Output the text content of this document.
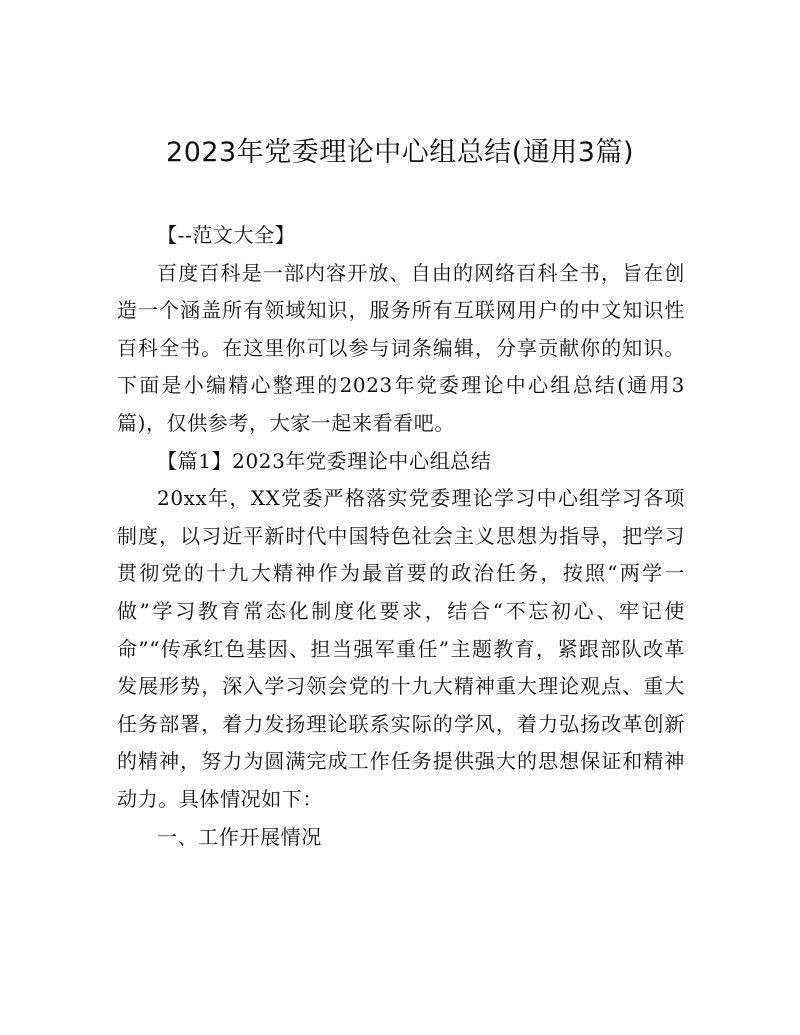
2023年党委理论中心组总结(通用3篇)

【--范文大全】

百度百科是一部内容开放、自由的网络百科全书，旨在创造一个涵盖所有领域知识，服务所有互联网用户的中文知识性百科全书。在这里你可以参与词条编辑，分享贡献你的知识。下面是小编精心整理的2023年党委理论中心组总结(通用3篇)，仅供参考，大家一起来看看吧。

【篇1】2023年党委理论中心组总结

20xx年，XX党委严格落实党委理论学习中心组学习各项制度，以习近平新时代中国特色社会主义思想为指导，把学习贯彻党的十九大精神作为最首要的政治任务，按照“两学一做”学习教育常态化制度化要求，结合“不忘初心、牢记使命”“传承红色基因、担当强军重任”主题教育，紧跟部队改革发展形势，深入学习领会党的十九大精神重大理论观点、重大任务部署，着力发扬理论联系实际的学风，着力弘扬改革创新的精神，努力为圆满完成工作任务提供强大的思想保证和精神动力。具体情况如下：

一、工作开展情况
